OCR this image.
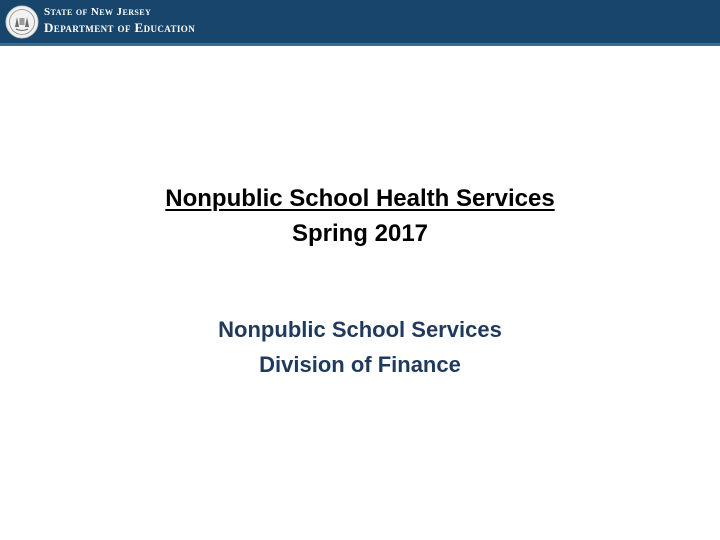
State of New Jersey
Department of Education
Nonpublic School Health Services
Spring 2017
Nonpublic School Services
Division of Finance
